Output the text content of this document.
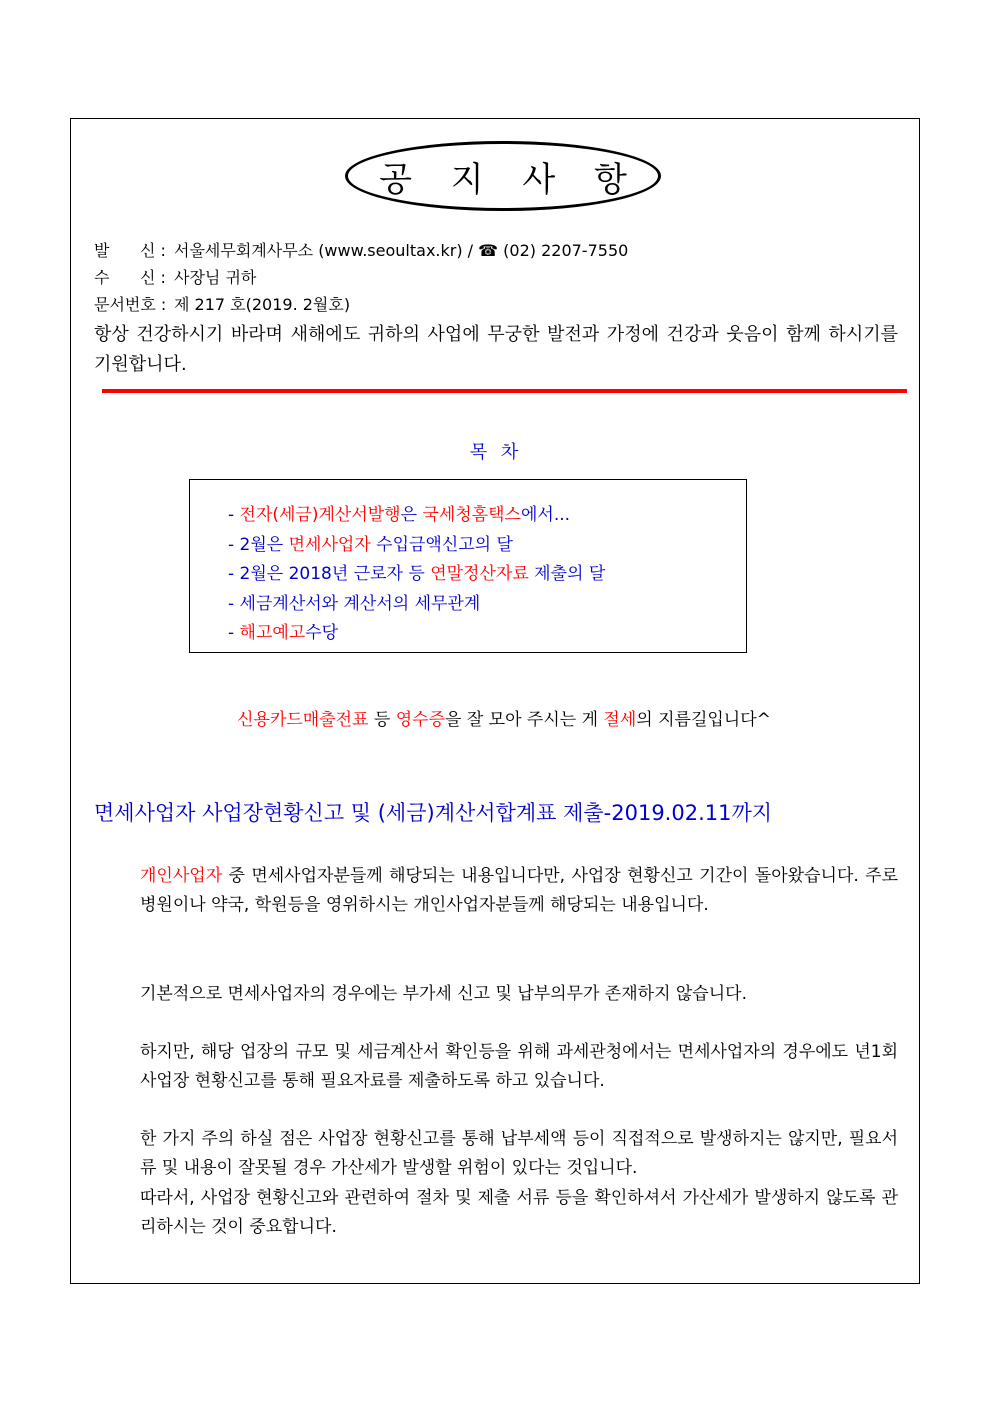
공 지 사 항
발      신 : 서울세무회계사무소 (www.seoultax.kr) / ☎ (02) 2207-7550
수      신 : 사장님 귀하
문서번호 : 제 217 호(2019. 2월호)
항상 건강하시기 바라며 새해에도 귀하의 사업에 무궁한 발전과 가정에 건강과 웃음이 함께 하시기를 기원합니다.
목 차
- 전자(세금)계산서발행은 국세청홈택스에서...
- 2월은 면세사업자 수입금액신고의 달
- 2월은 2018년 근로자 등 연말정산자료 제출의 달
- 세금계산서와 계산서의 세무관계
- 해고예고수당
신용카드매출전표 등 영수증을 잘 모아 주시는 게 절세의 지름길입니다^
면세사업자 사업장현황신고 및 (세금)계산서합계표 제출-2019.02.11까지
개인사업자 중 면세사업자분들께 해당되는 내용입니다만, 사업장 현황신고 기간이 돌아왔습니다. 주로 병원이나 약국, 학원등을 영위하시는 개인사업자분들께 해당되는 내용입니다.
기본적으로 면세사업자의 경우에는 부가세 신고 및 납부의무가 존재하지 않습니다.
하지만, 해당 업장의 규모 및 세금계산서 확인등을 위해 과세관청에서는 면세사업자의 경우에도 년1회 사업장 현황신고를 통해 필요자료를 제출하도록 하고 있습니다.
한 가지 주의 하실 점은 사업장 현황신고를 통해 납부세액 등이 직접적으로 발생하지는 않지만, 필요서류 및 내용이 잘못될 경우 가산세가 발생할 위험이 있다는 것입니다.
따라서, 사업장 현황신고와 관련하여 절차 및 제출 서류 등을 확인하셔서 가산세가 발생하지 않도록 관리하시는 것이 중요합니다.
